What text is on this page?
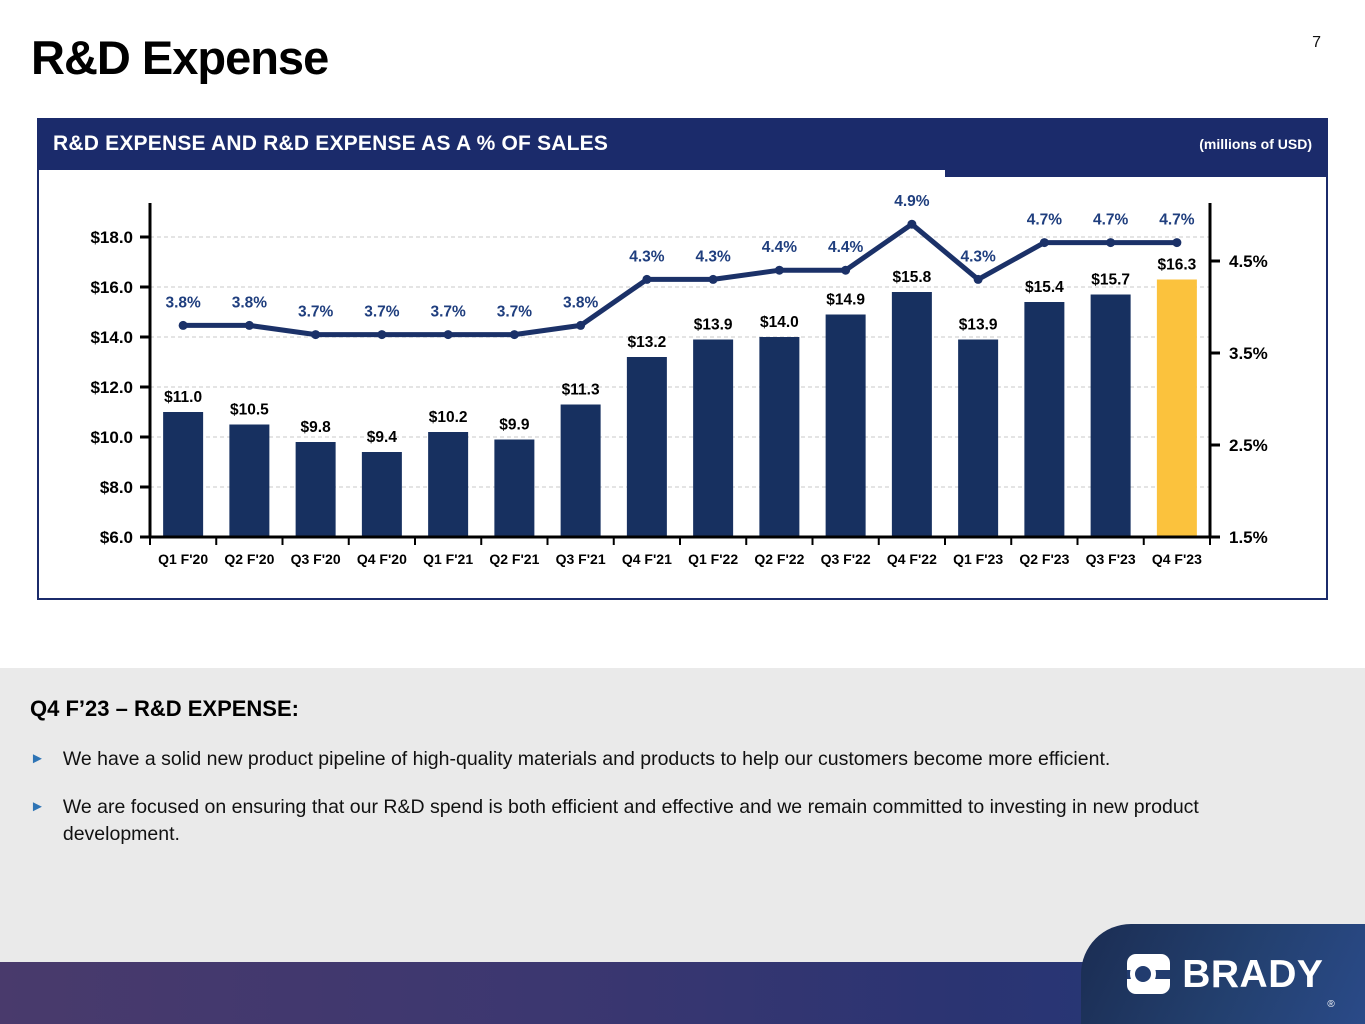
7
R&D Expense
R&D EXPENSE AND R&D EXPENSE AS A % OF SALES	(millions of USD)
$6.0
$8.0
$10.0
$12.0
$14.0
$16.0
$18.0
1.5%
2.5%
3.5%
4.5%
$11.0
$10.5
$9.8
$9.4
$10.2 $9.9
$11.3
$13.2
$13.9 $14.0
$14.9
$15.8
$13.9
$15.4 $15.7
$16.3
Q1 F'20 Q2 F'20 Q3 F'20 Q4 F'20 Q1 F'21 Q2 F'21 Q3 F'21 Q4 F'21 Q1 F'22 Q2 F'22 Q3 F'22 Q4 F'22 Q1 F'23 Q2 F'23 Q3 F'23 Q4 F'23
3.8% 3.8%
3.7% 3.7% 3.7% 3.7%
3.8%
4.3% 4.3%
4.4% 4.4%
4.9%
4.3%
4.7% 4.7% 4.7%
Q4 F’23 – R&D EXPENSE:
► We have a solid new product pipeline of high-quality materials and products to help our customers become more efficient.
► We are focused on ensuring that our R&D spend is both efficient and effective and we remain committed to investing in new product development.
BRADY
®
